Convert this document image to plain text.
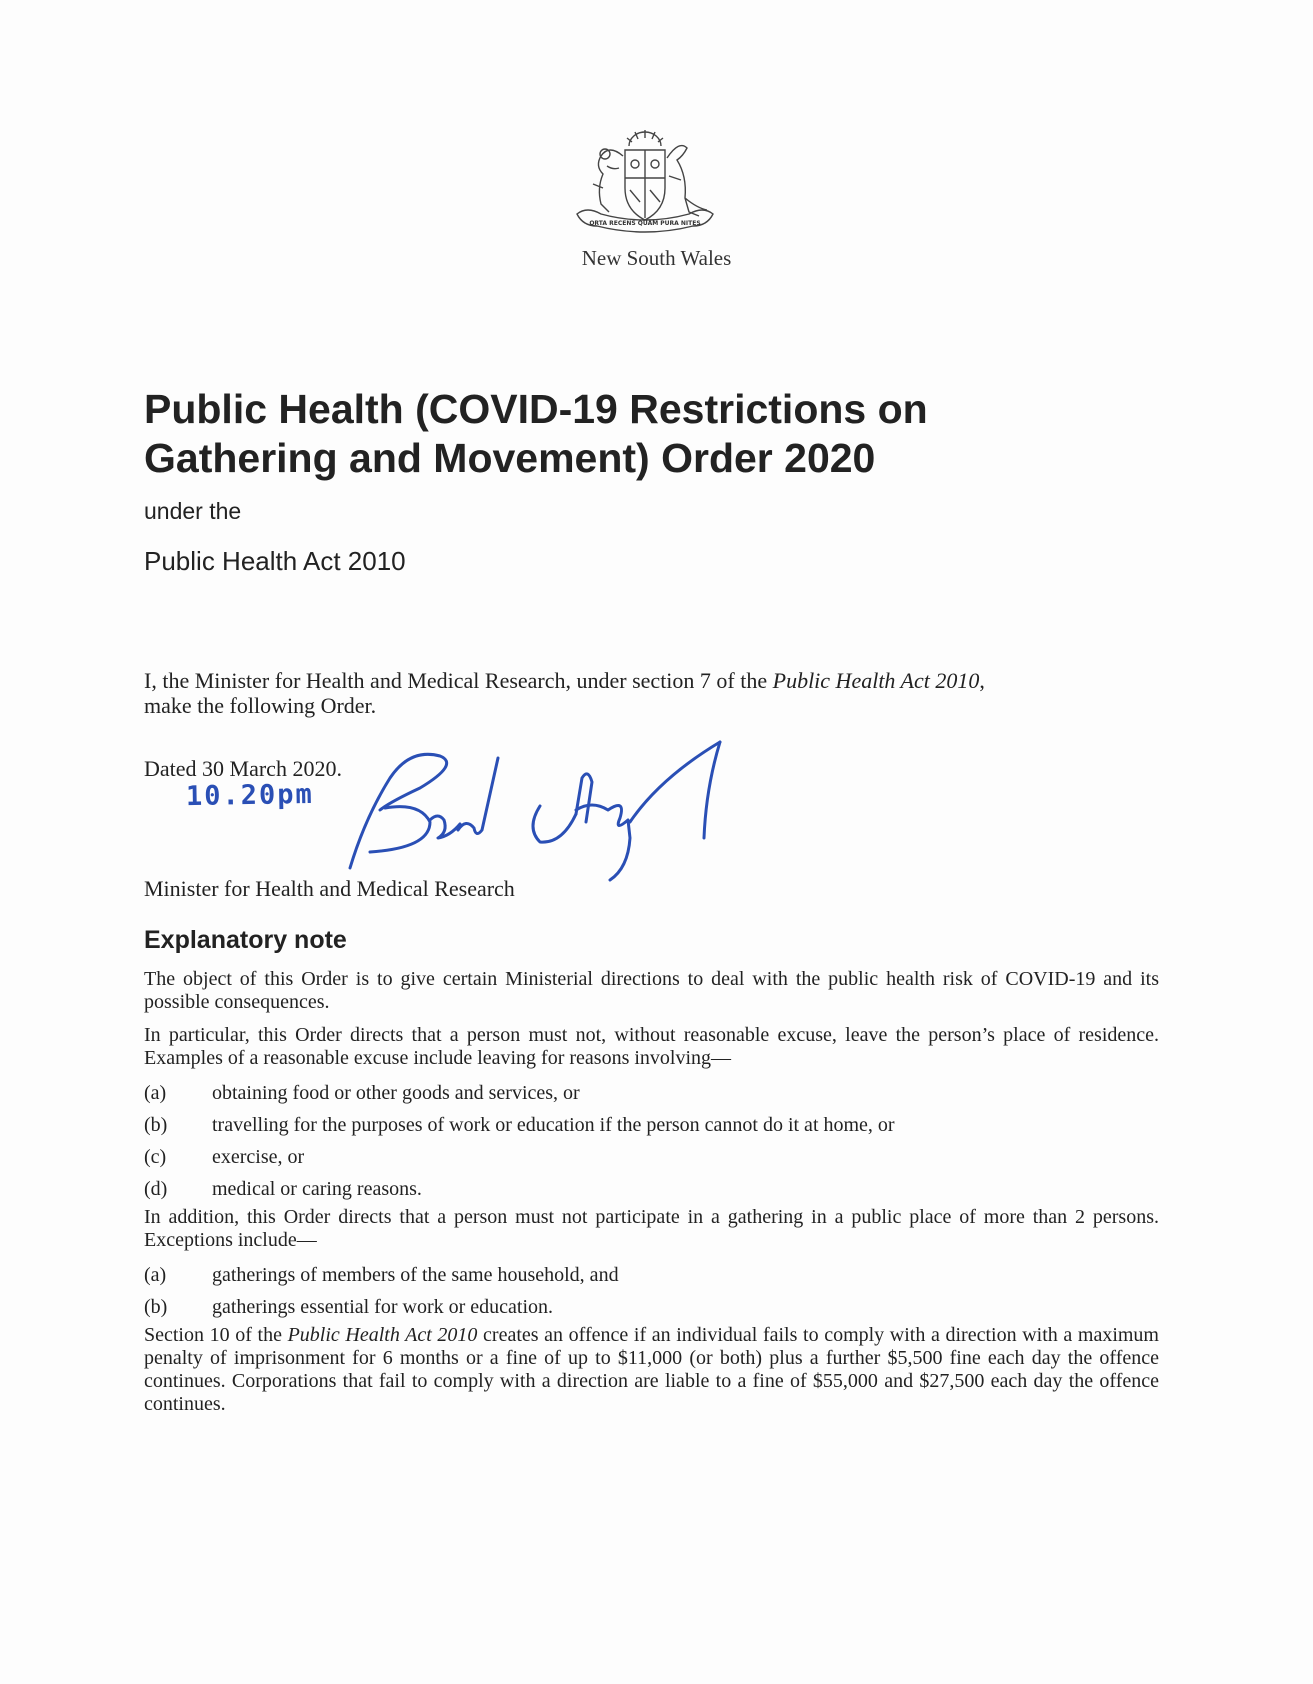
ORTA RECENS QUAM PURA NITES
New South Wales
Public Health (COVID-19 Restrictions on
Gathering and Movement) Order 2020
under the
Public Health Act 2010
I, the Minister for Health and Medical Research, under section 7 of the Public Health Act 2010,
make the following Order.
Dated 30 March 2020.
10.20pm
Minister for Health and Medical Research
Explanatory note
The object of this Order is to give certain Ministerial directions to deal with the public health risk of COVID-19 and its possible consequences.
In particular, this Order directs that a person must not, without reasonable excuse, leave the person’s place of residence. Examples of a reasonable excuse include leaving for reasons involving—
(a) obtaining food or other goods and services, or
(b) travelling for the purposes of work or education if the person cannot do it at home, or
(c) exercise, or
(d) medical or caring reasons.
In addition, this Order directs that a person must not participate in a gathering in a public place of more than 2 persons. Exceptions include—
(a) gatherings of members of the same household, and
(b) gatherings essential for work or education.
Section 10 of the Public Health Act 2010 creates an offence if an individual fails to comply with a direction with a maximum penalty of imprisonment for 6 months or a fine of up to $11,000 (or both) plus a further $5,500 fine each day the offence continues. Corporations that fail to comply with a direction are liable to a fine of $55,000 and $27,500 each day the offence continues.
